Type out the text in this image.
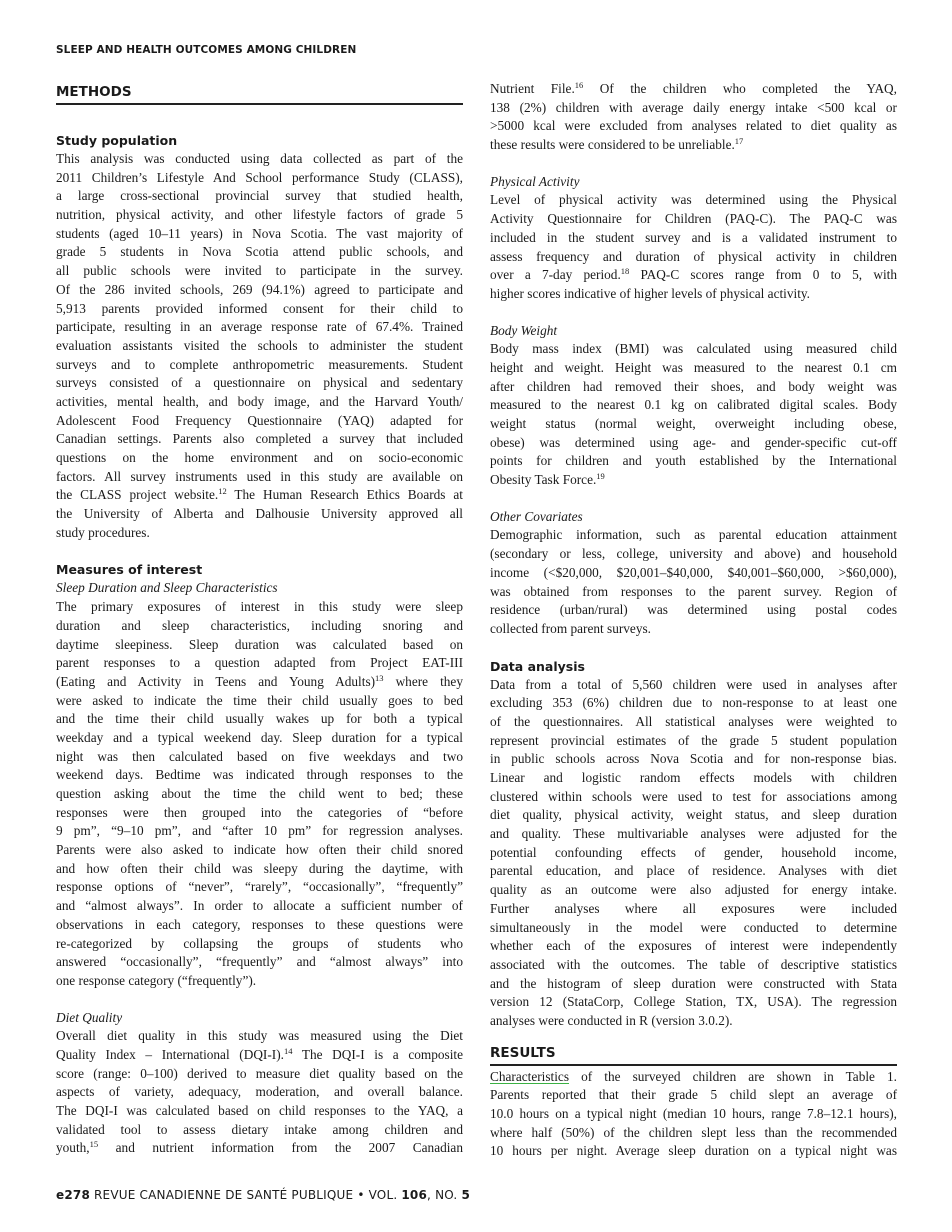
SLEEP AND HEALTH OUTCOMES AMONG CHILDREN
METHODS
Study population
This analysis was conducted using data collected as part of the
2011 Children’s Lifestyle And School performance Study (CLASS),
a large cross-sectional provincial survey that studied health,
nutrition, physical activity, and other lifestyle factors of grade 5
students (aged 10–11 years) in Nova Scotia. The vast majority of
grade 5 students in Nova Scotia attend public schools, and
all public schools were invited to participate in the survey.
Of the 286 invited schools, 269 (94.1%) agreed to participate and
5,913 parents provided informed consent for their child to
participate, resulting in an average response rate of 67.4%. Trained
evaluation assistants visited the schools to administer the student
surveys and to complete anthropometric measurements. Student
surveys consisted of a questionnaire on physical and sedentary
activities, mental health, and body image, and the Harvard Youth/
Adolescent Food Frequency Questionnaire (YAQ) adapted for
Canadian settings. Parents also completed a survey that included
questions on the home environment and on socio-economic
factors. All survey instruments used in this study are available on
the CLASS project website.$^{12}$ The Human Research Ethics Boards at
the University of Alberta and Dalhousie University approved all
study procedures.
Measures of interest
Sleep Duration and Sleep Characteristics
The primary exposures of interest in this study were sleep
duration and sleep characteristics, including snoring and
daytime sleepiness. Sleep duration was calculated based on
parent responses to a question adapted from Project EAT-III
(Eating and Activity in Teens and Young Adults)$^{13}$ where they
were asked to indicate the time their child usually goes to bed
and the time their child usually wakes up for both a typical
weekday and a typical weekend day. Sleep duration for a typical
night was then calculated based on five weekdays and two
weekend days. Bedtime was indicated through responses to the
question asking about the time the child went to bed; these
responses were then grouped into the categories of “before
9 pm”, “9–10 pm”, and “after 10 pm” for regression analyses.
Parents were also asked to indicate how often their child snored
and how often their child was sleepy during the daytime, with
response options of “never”, “rarely”, “occasionally”, “frequently”
and “almost always”. In order to allocate a sufficient number of
observations in each category, responses to these questions were
re-categorized by collapsing the groups of students who
answered “occasionally”, “frequently” and “almost always” into
one response category (“frequently”).
Diet Quality
Overall diet quality in this study was measured using the Diet
Quality Index – International (DQI-I).$^{14}$ The DQI-I is a composite
score (range: 0–100) derived to measure diet quality based on the
aspects of variety, adequacy, moderation, and overall balance.
The DQI-I was calculated based on child responses to the YAQ, a
validated tool to assess dietary intake among children and
youth,$^{15}$ and nutrient information from the 2007 Canadian
Nutrient File.$^{16}$ Of the children who completed the YAQ,
138 (2%) children with average daily energy intake <500 kcal or
>5000 kcal were excluded from analyses related to diet quality as
these results were considered to be unreliable.$^{17}$
Physical Activity
Level of physical activity was determined using the Physical
Activity Questionnaire for Children (PAQ-C). The PAQ-C was
included in the student survey and is a validated instrument to
assess frequency and duration of physical activity in children
over a 7-day period.$^{18}$ PAQ-C scores range from 0 to 5, with
higher scores indicative of higher levels of physical activity.
Body Weight
Body mass index (BMI) was calculated using measured child
height and weight. Height was measured to the nearest 0.1 cm
after children had removed their shoes, and body weight was
measured to the nearest 0.1 kg on calibrated digital scales. Body
weight status (normal weight, overweight including obese,
obese) was determined using age- and gender-specific cut-off
points for children and youth established by the International
Obesity Task Force.$^{19}$
Other Covariates
Demographic information, such as parental education attainment
(secondary or less, college, university and above) and household
income (<$20,000, $20,001–$40,000, $40,001–$60,000, >$60,000),
was obtained from responses to the parent survey. Region of
residence (urban/rural) was determined using postal codes
collected from parent surveys.
Data analysis
Data from a total of 5,560 children were used in analyses after
excluding 353 (6%) children due to non-response to at least one
of the questionnaires. All statistical analyses were weighted to
represent provincial estimates of the grade 5 student population
in public schools across Nova Scotia and for non-response bias.
Linear and logistic random effects models with children
clustered within schools were used to test for associations among
diet quality, physical activity, weight status, and sleep duration
and quality. These multivariable analyses were adjusted for the
potential confounding effects of gender, household income,
parental education, and place of residence. Analyses with diet
quality as an outcome were also adjusted for energy intake.
Further analyses where all exposures were included
simultaneously in the model were conducted to determine
whether each of the exposures of interest were independently
associated with the outcomes. The table of descriptive statistics
and the histogram of sleep duration were constructed with Stata
version 12 (StataCorp, College Station, TX, USA). The regression
analyses were conducted in R (version 3.0.2).
RESULTS
Characteristics of the surveyed children are shown in Table 1.
Parents reported that their grade 5 child slept an average of
10.0 hours on a typical night (median 10 hours, range 7.8–12.1 hours),
where half (50%) of the children slept less than the recommended
10 hours per night. Average sleep duration on a typical night was
e278 REVUE CANADIENNE DE SANTÉ PUBLIQUE • VOL. 106, NO. 5
